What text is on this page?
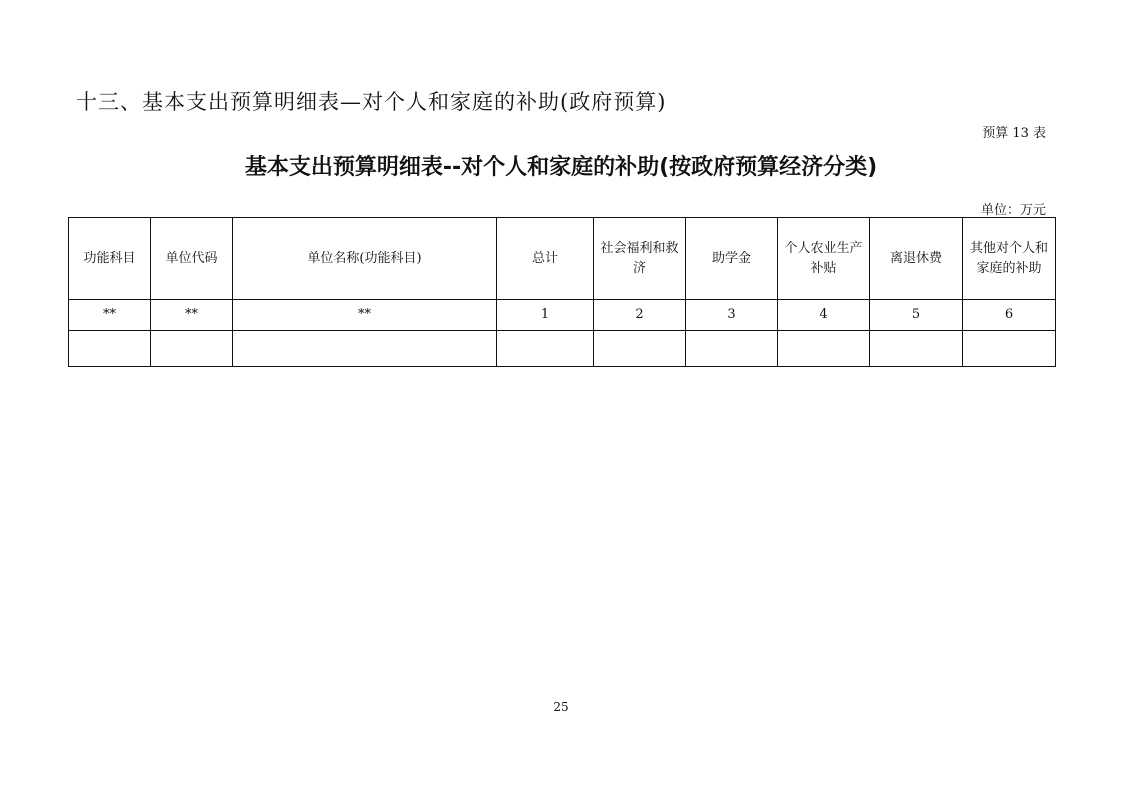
十三、基本支出预算明细表—对个人和家庭的补助(政府预算)
预算 13 表
基本支出预算明细表--对个人和家庭的补助(按政府预算经济分类)
单位：万元
功能科目	单位代码	单位名称(功能科目)	总计	社会福利和救济	助学金	个人农业生产补贴	离退休费	其他对个人和家庭的补助
**	**	**	1	2	3	4	5	6

25
